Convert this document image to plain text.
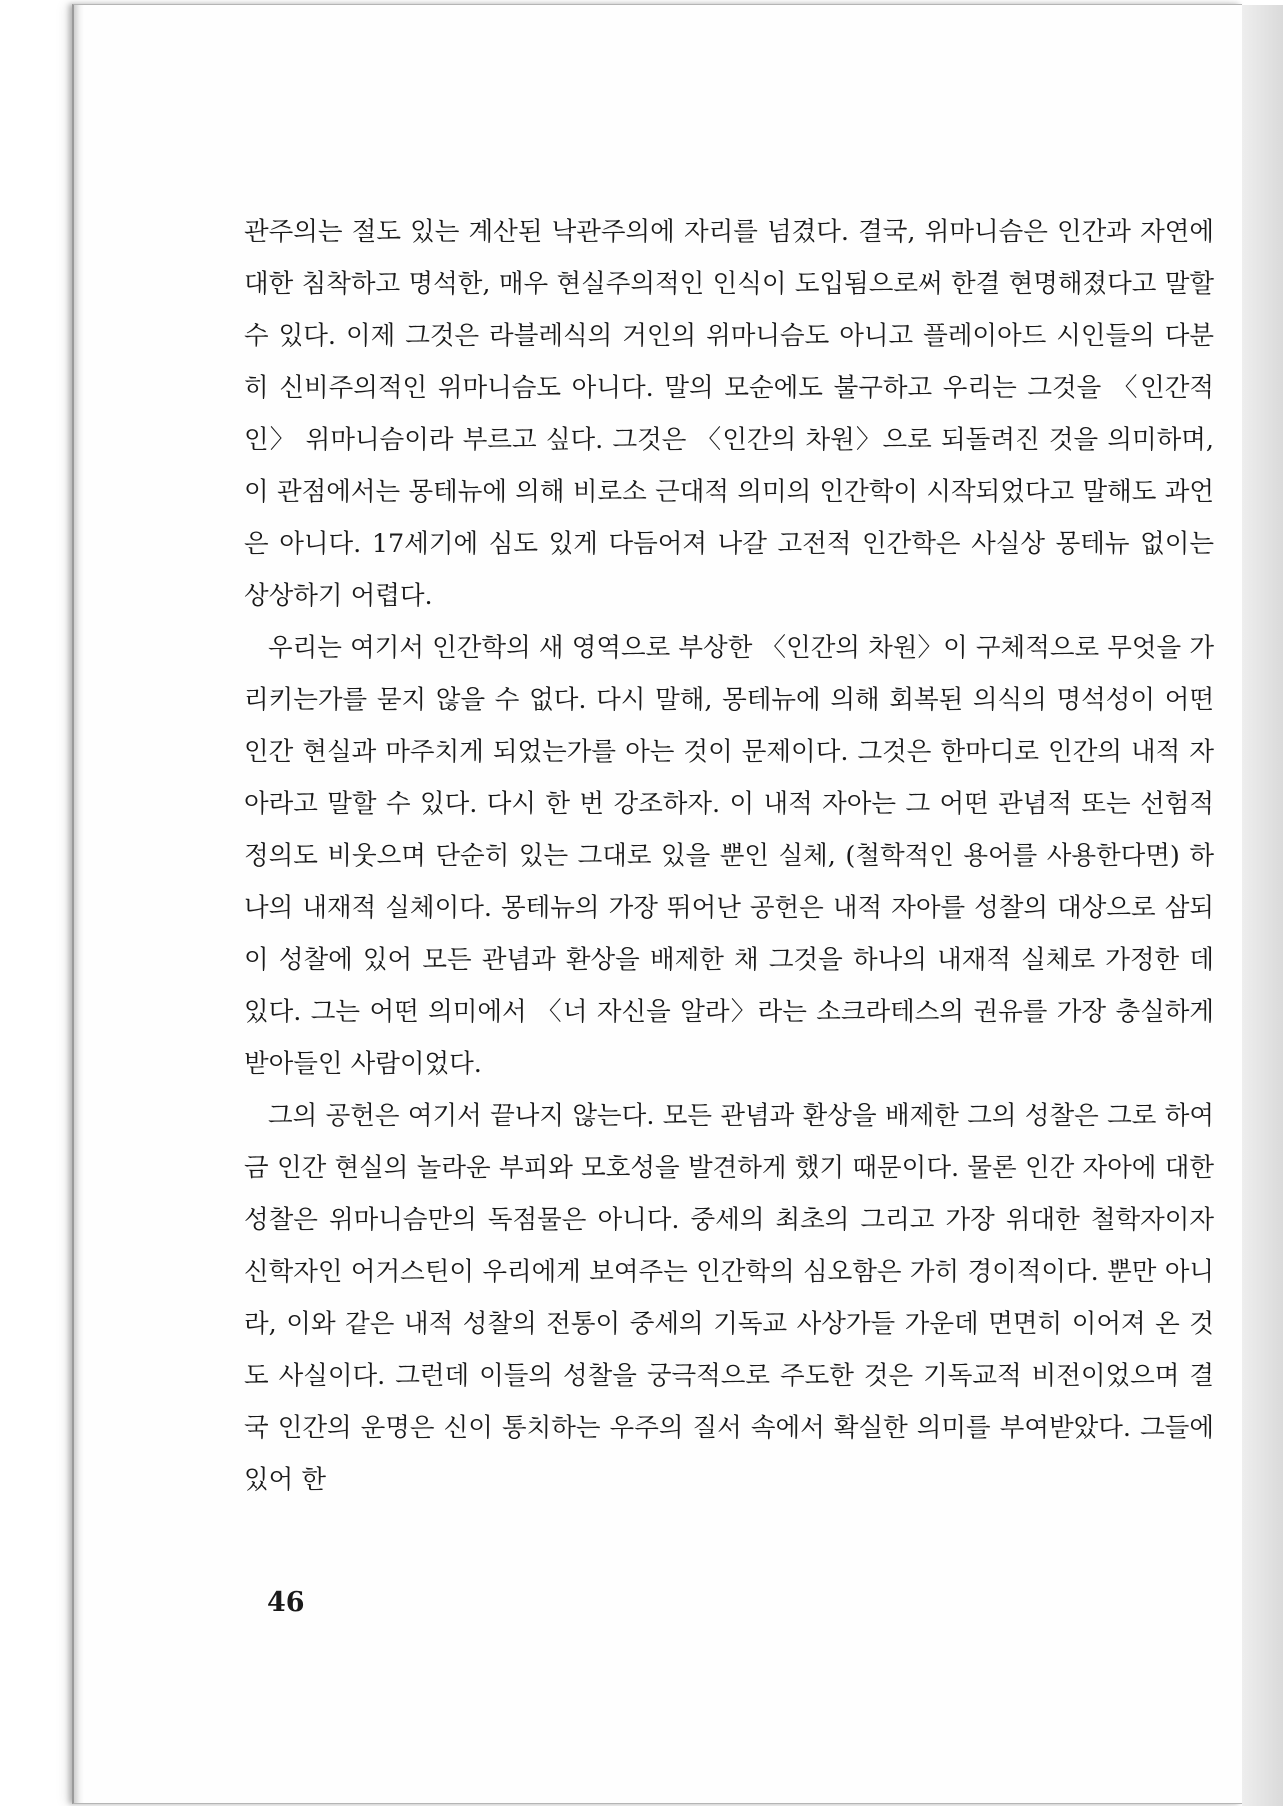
관주의는 절도 있는 계산된 낙관주의에 자리를 넘겼다. 결국, 위마니슴은 인간과 자연에 대한 침착하고 명석한, 매우 현실주의적인 인식이 도입됨으로써 한결 현명해졌다고 말할 수 있다. 이제 그것은 라블레식의 거인의 위마니슴도 아니고 플레이아드 시인들의 다분히 신비주의적인 위마니슴도 아니다. 말의 모순에도 불구하고 우리는 그것을 〈인간적인〉 위마니슴이라 부르고 싶다. 그것은 〈인간의 차원〉으로 되돌려진 것을 의미하며, 이 관점에서는 몽테뉴에 의해 비로소 근대적 의미의 인간학이 시작되었다고 말해도 과언은 아니다. 17세기에 심도 있게 다듬어져 나갈 고전적 인간학은 사실상 몽테뉴 없이는 상상하기 어렵다.

우리는 여기서 인간학의 새 영역으로 부상한 〈인간의 차원〉이 구체적으로 무엇을 가리키는가를 묻지 않을 수 없다. 다시 말해, 몽테뉴에 의해 회복된 의식의 명석성이 어떤 인간 현실과 마주치게 되었는가를 아는 것이 문제이다. 그것은 한마디로 인간의 내적 자아라고 말할 수 있다. 다시 한 번 강조하자. 이 내적 자아는 그 어떤 관념적 또는 선험적 정의도 비웃으며 단순히 있는 그대로 있을 뿐인 실체, (철학적인 용어를 사용한다면) 하나의 내재적 실체이다. 몽테뉴의 가장 뛰어난 공헌은 내적 자아를 성찰의 대상으로 삼되 이 성찰에 있어 모든 관념과 환상을 배제한 채 그것을 하나의 내재적 실체로 가정한 데 있다. 그는 어떤 의미에서 〈너 자신을 알라〉라는 소크라테스의 권유를 가장 충실하게 받아들인 사람이었다.

그의 공헌은 여기서 끝나지 않는다. 모든 관념과 환상을 배제한 그의 성찰은 그로 하여금 인간 현실의 놀라운 부피와 모호성을 발견하게 했기 때문이다. 물론 인간 자아에 대한 성찰은 위마니슴만의 독점물은 아니다. 중세의 최초의 그리고 가장 위대한 철학자이자 신학자인 어거스틴이 우리에게 보여주는 인간학의 심오함은 가히 경이적이다. 뿐만 아니라, 이와 같은 내적 성찰의 전통이 중세의 기독교 사상가들 가운데 면면히 이어져 온 것도 사실이다. 그런데 이들의 성찰을 궁극적으로 주도한 것은 기독교적 비전이었으며 결국 인간의 운명은 신이 통치하는 우주의 질서 속에서 확실한 의미를 부여받았다. 그들에 있어 한

46
